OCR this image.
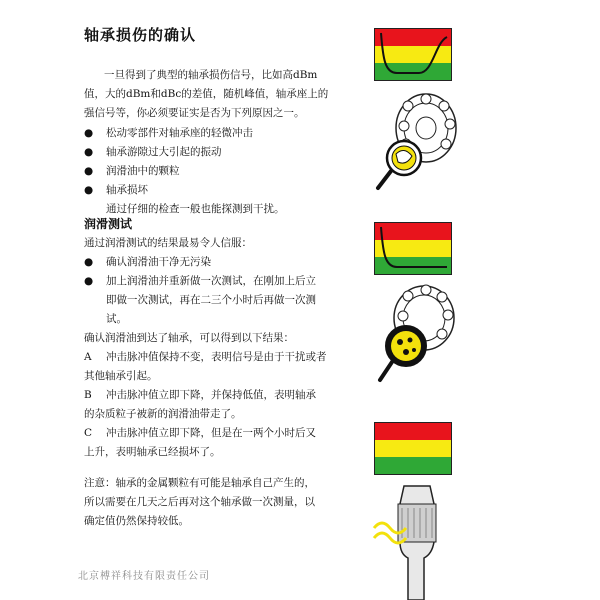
轴承损伤的确认

一旦得到了典型的轴承损伤信号，比如高dBm

值，大的dBm和dBc的差值，随机峰值，轴承座上的

强信号等，你必须要证实是否为下列原因之一。

● 松动零部件对轴承座的轻微冲击
● 轴承游隙过大引起的振动
● 润滑油中的颗粒
● 轴承损坏

通过仔细的检查一般也能探测到干扰。

润滑测试

通过润滑测试的结果最易令人信服：

● 确认润滑油干净无污染
● 加上润滑油并重新做一次测试，在刚加上后立

即做一次测试，再在二三个小时后再做一次测

试。

确认润滑油到达了轴承，可以得到以下结果：

A 冲击脉冲值保持不变，表明信号是由于干扰或者

其他轴承引起。

B 冲击脉冲值立即下降，并保持低值，表明轴承

的杂质粒子被新的润滑油带走了。

C 冲击脉冲值立即下降，但是在一两个小时后又

上升，表明轴承已经损坏了。

注意：轴承的金属颗粒有可能是轴承自己产生的，

所以需要在几天之后再对这个轴承做一次测量，以

确定值仍然保持较低。

北京榑祥科技有限责任公司
